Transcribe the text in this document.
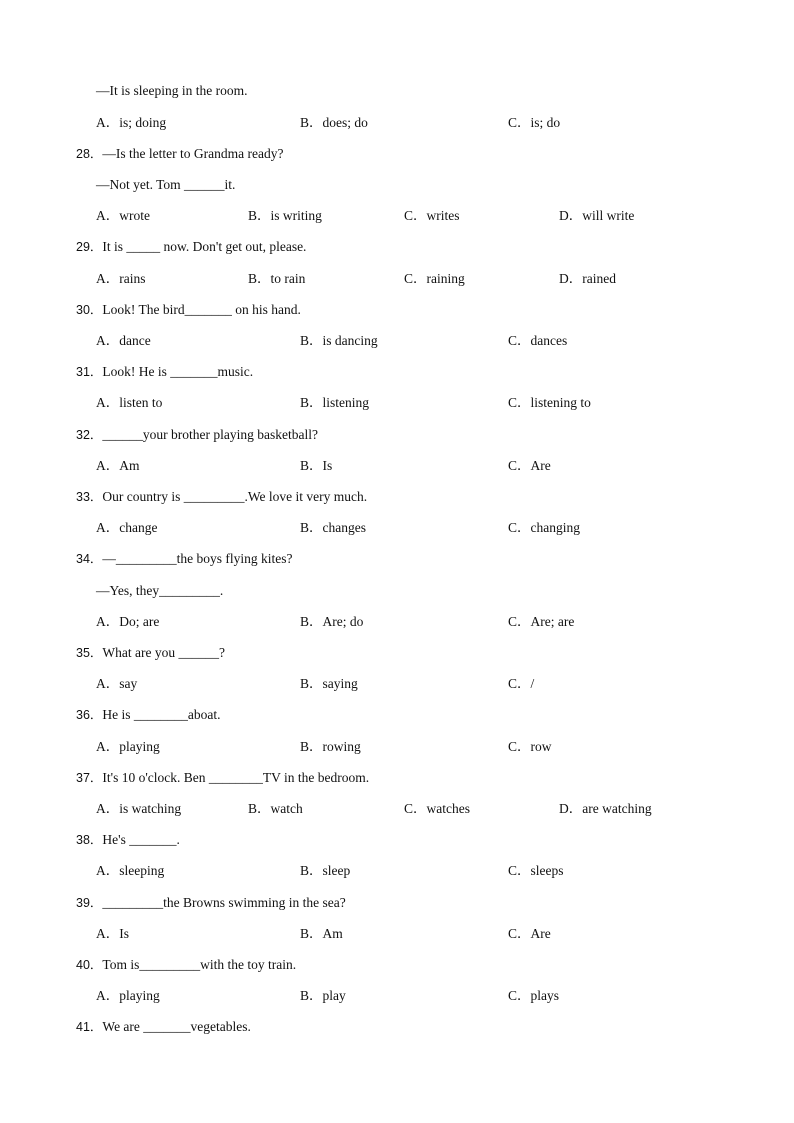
—It is sleeping in the room.
A．is; doing	B．does; do	C．is; do
28．—Is the letter to Grandma ready?
—Not yet. Tom ______it.
A．wrote	B．is writing	C．writes	D．will write
29．It is _____ now. Don't get out, please.
A．rains	B．to rain	C．raining	D．rained
30．Look! The bird_______ on his hand.
A．dance	B．is dancing	C．dances
31．Look! He is _______music.
A．listen to	B．listening	C．listening to
32．______your brother playing basketball?
A．Am	B．Is	C．Are
33．Our country is _________.We love it very much.
A．change	B．changes	C．changing
34．—_________the boys flying kites?
—Yes, they_________.
A．Do; are	B．Are; do	C．Are; are
35．What are you ______?
A．say	B．saying	C．/
36．He is ________aboat.
A．playing	B．rowing	C．row
37．It's 10 o'clock. Ben ________TV in the bedroom.
A．is watching	B．watch	C．watches	D．are watching
38．He's _______.
A．sleeping	B．sleep	C．sleeps
39．_________the Browns swimming in the sea?
A．Is	B．Am	C．Are
40．Tom is_________with the toy train.
A．playing	B．play	C．plays
41．We are _______vegetables.
